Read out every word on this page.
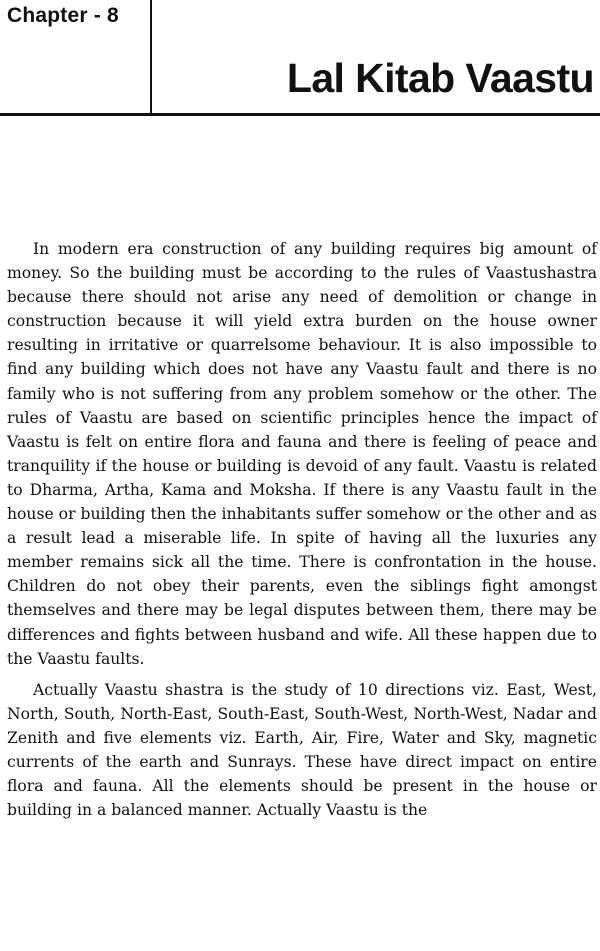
Chapter - 8
Lal Kitab Vaastu

In modern era construction of any building requires big amount of money. So the building must be according to the rules of Vaastushastra because there should not arise any need of demolition or change in construction because it will yield extra burden on the house owner resulting in irritative or quarrelsome behaviour. It is also impossible to find any building which does not have any Vaastu fault and there is no family who is not suffering from any problem somehow or the other. The rules of Vaastu are based on scientific principles hence the impact of Vaastu is felt on entire flora and fauna and there is feeling of peace and tranquility if the house or building is devoid of any fault. Vaastu is related to Dharma, Artha, Kama and Moksha. If there is any Vaastu fault in the house or building then the inhabitants suffer somehow or the other and as a result lead a miserable life. In spite of having all the luxuries any member remains sick all the time. There is confrontation in the house. Children do not obey their parents, even the siblings fight amongst themselves and there may be legal disputes between them, there may be differences and fights between husband and wife. All these happen due to the Vaastu faults.

Actually Vaastu shastra is the study of 10 directions viz. East, West, North, South, North-East, South-East, South-West, North-West, Nadar and Zenith and five elements viz. Earth, Air, Fire, Water and Sky, magnetic currents of the earth and Sunrays. These have direct impact on entire flora and fauna. All the elements should be present in the house or building in a balanced manner. Actually Vaastu is the
